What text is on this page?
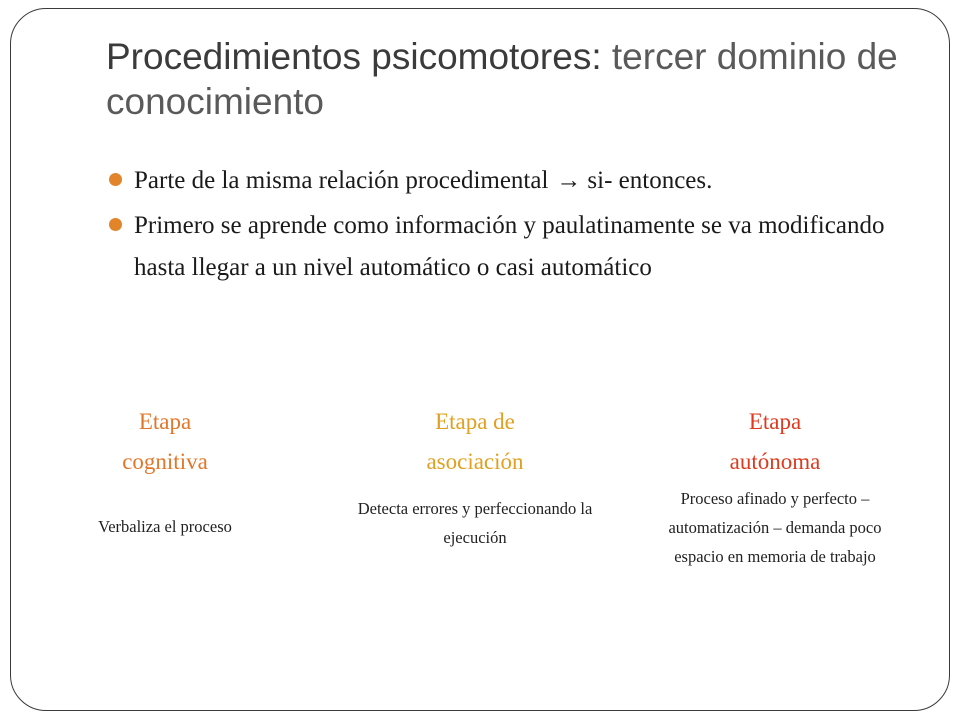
Procedimientos psicomotores: tercer dominio de conocimiento
Parte de la misma relación procedimental → si- entonces.
Primero se aprende como información y paulatinamente se va modificando hasta llegar a un nivel automático o casi automático
Etapa cognitiva
Verbaliza el proceso
Etapa de asociación
Detecta errores y perfeccionando la ejecución
Etapa autónoma
Proceso afinado y perfecto – automatización – demanda poco espacio en memoria de trabajo
